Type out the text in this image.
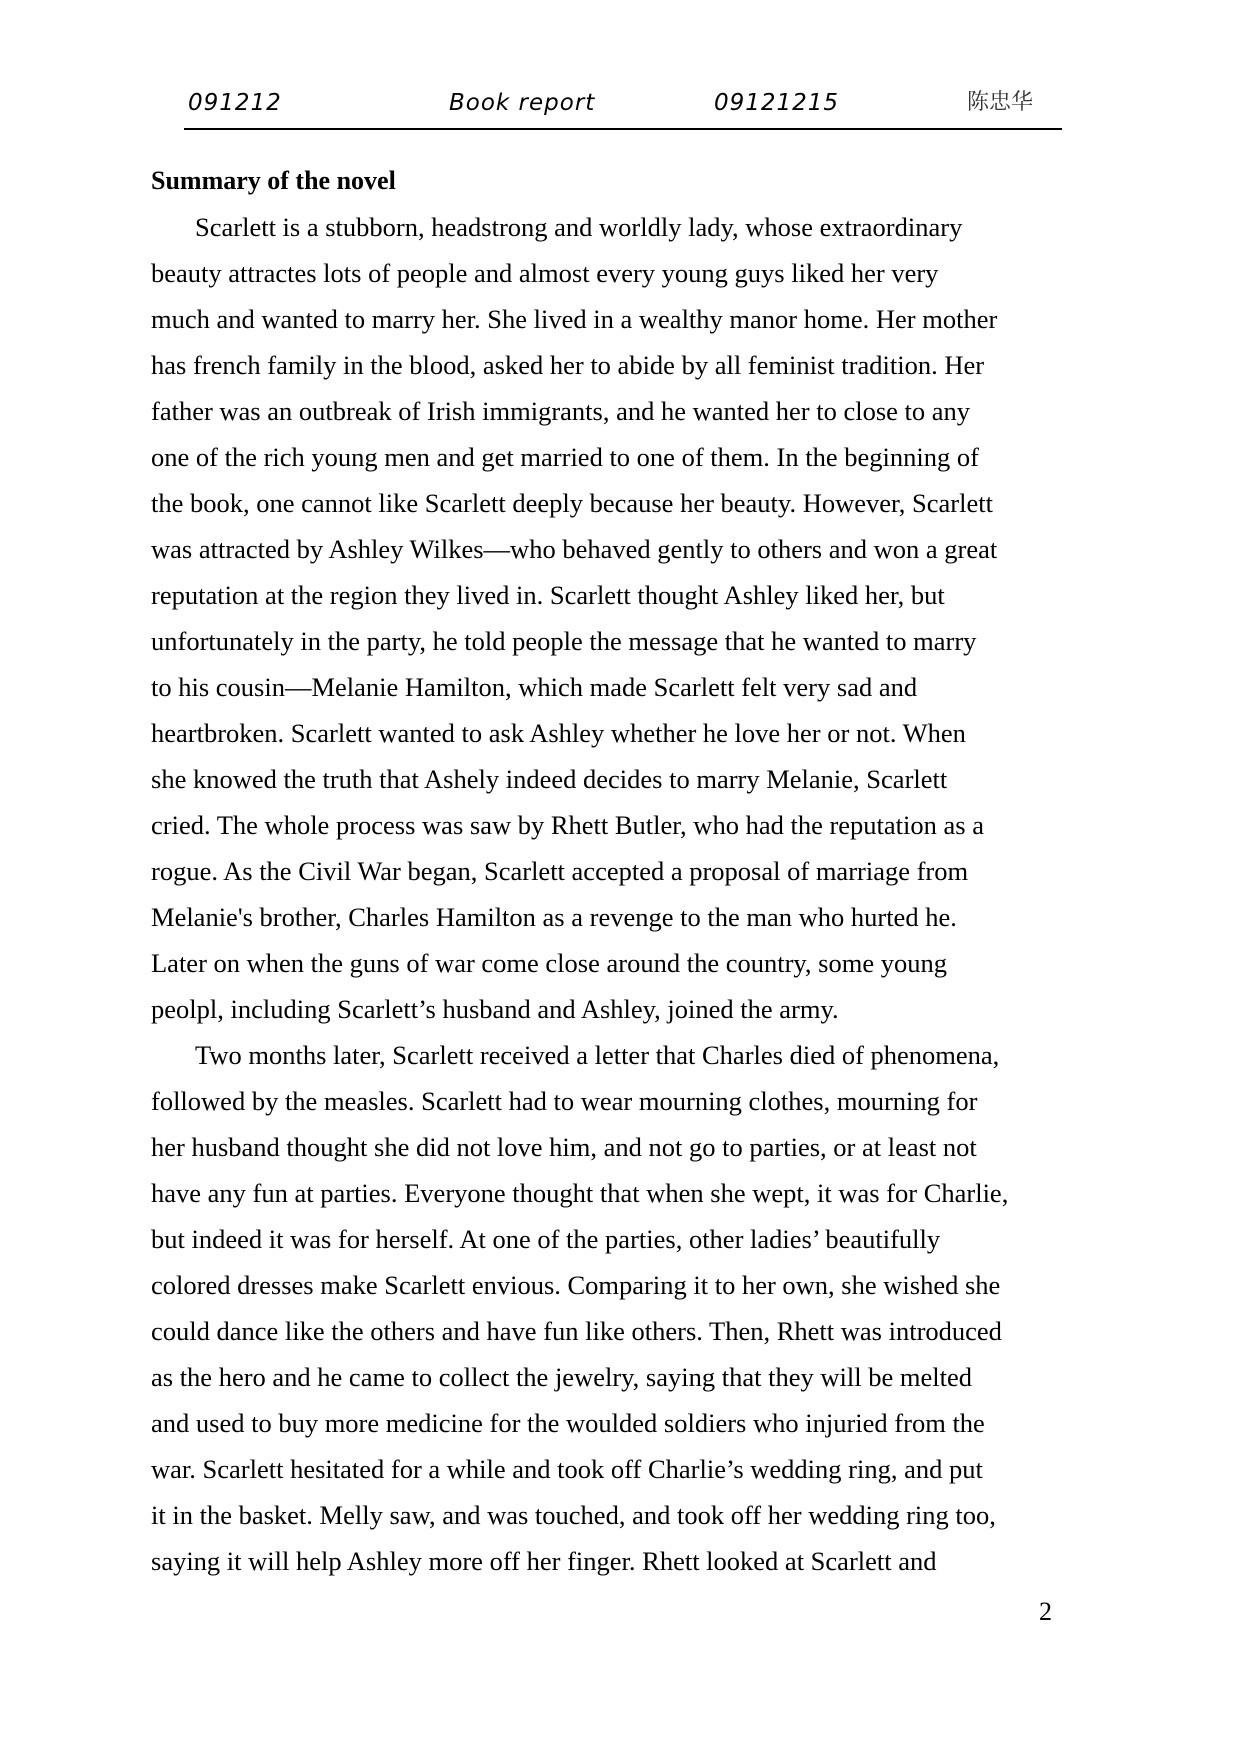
091212	Book report	09121215	陈忠华
Summary of the novel

Scarlett is a stubborn, headstrong and worldly lady, whose extraordinary
beauty attractes lots of people and almost every young guys liked her very
much and wanted to marry her. She lived in a wealthy manor home. Her mother
has french family in the blood, asked her to abide by all feminist tradition. Her
father was an outbreak of Irish immigrants, and he wanted her to close to any
one of the rich young men and get married to one of them. In the beginning of
the book, one cannot like Scarlett deeply because her beauty. However, Scarlett
was attracted by Ashley Wilkes—who behaved gently to others and won a great
reputation at the region they lived in. Scarlett thought Ashley liked her, but
unfortunately in the party, he told people the message that he wanted to marry
to his cousin—Melanie Hamilton, which made Scarlett felt very sad and
heartbroken. Scarlett wanted to ask Ashley whether he love her or not. When
she knowed the truth that Ashely indeed decides to marry Melanie, Scarlett
cried. The whole process was saw by Rhett Butler, who had the reputation as a
rogue. As the Civil War began, Scarlett accepted a proposal of marriage from
Melanie's brother, Charles Hamilton as a revenge to the man who hurted he.
Later on when the guns of war come close around the country, some young
peolpl, including Scarlett’s husband and Ashley, joined the army.

Two months later, Scarlett received a letter that Charles died of phenomena,
followed by the measles. Scarlett had to wear mourning clothes, mourning for
her husband thought she did not love him, and not go to parties, or at least not
have any fun at parties. Everyone thought that when she wept, it was for Charlie,
but indeed it was for herself. At one of the parties, other ladies’ beautifully
colored dresses make Scarlett envious. Comparing it to her own, she wished she
could dance like the others and have fun like others. Then, Rhett was introduced
as the hero and he came to collect the jewelry, saying that they will be melted
and used to buy more medicine for the woulded soldiers who injuried from the
war. Scarlett hesitated for a while and took off Charlie’s wedding ring, and put
it in the basket. Melly saw, and was touched, and took off her wedding ring too,
saying it will help Ashley more off her finger. Rhett looked at Scarlett and

2
